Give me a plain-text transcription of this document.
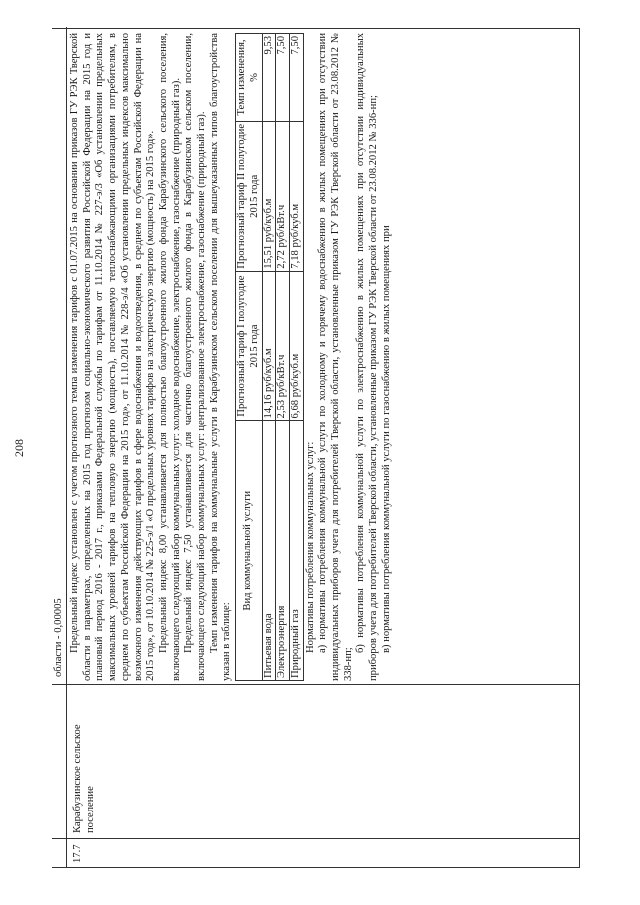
208
области - 0,00005
17.7
Карабузинское сельское поселение

Предельный индекс установлен с учетом прогнозного темпа изменения тарифов с 01.07.2015 на основании приказов ГУ РЭК Тверской области в параметрах, определенных на 2015 год прогнозом социально-экономического развития Российской Федерации на 2015 год и плановый период 2016 - 2017 г., приказами Федеральной службы по тарифам от 11.10.2014 № 227-э/3 «Об установлении предельных максимальных уровней тарифов на тепловую энергию (мощность), поставляемую теплоснабжающими организациями потребителям, в среднем по субъектам Российской Федерации на 2015 год», от 11.10.2014 № 228-э/4 «Об установлении предельных индексов максимально возможного изменения действующих тарифов в сфере водоснабжения и водоотведения, в среднем по субъектам Российской Федерации на 2015 год», от 10.10.2014 № 225-э/1 «О предельных уровнях тарифов на электрическую энергию (мощность) на 2015 год». Предельный индекс 8,00 устанавливается для полностью благоустроенного жилого фонда Карабузинского сельского поселения, включающего следующий набор коммунальных услуг: холодное водоснабжение, электроснабжение, газоснабжение (природный газ). Предельный индекс 7,50 устанавливается для частично благоустроенного жилого фонда в Карабузинском сельском поселении, включающего следующий набор коммунальных услуг: централизованное электроснабжение, газоснабжение (природный газ). Темп изменения тарифов на коммунальные услуги в Карабузинском сельском поселении для вышеуказанных типов благоустройства указан в таблице:

Вид коммунальной услуги	Прогнозный тариф I полугодие 2015 года	Прогнозный тариф II полугодие 2015 года	Темп изменения, %
Питьевая вода	14,16 руб/куб.м	15,51 руб/куб.м	9,53
Электроэнергия	2,53 руб/кВт.ч	2,72 руб/кВт.ч	7,50
Природный газ	6,68 руб/куб.м	7,18 руб/куб.м	7,50

Нормативы потребления коммунальных услуг: а) нормативы потребления коммунальной услуги по холодному и горячему водоснабжению в жилых помещениях при отсутствии индивидуальных приборов учета для потребителей Тверской области, установленные приказом ГУ РЭК Тверской области от 23.08.2012 № 338-нп;

б) нормативы потребления коммунальной услуги по электроснабжению в жилых помещениях при отсутствии индивидуальных приборов учета для потребителей Тверской области, установленные приказом ГУ РЭК Тверской области от 23.08.2012 № 336-нп; в) нормативы потребления коммунальной услуги по газоснабжению в жилых помещениях при
